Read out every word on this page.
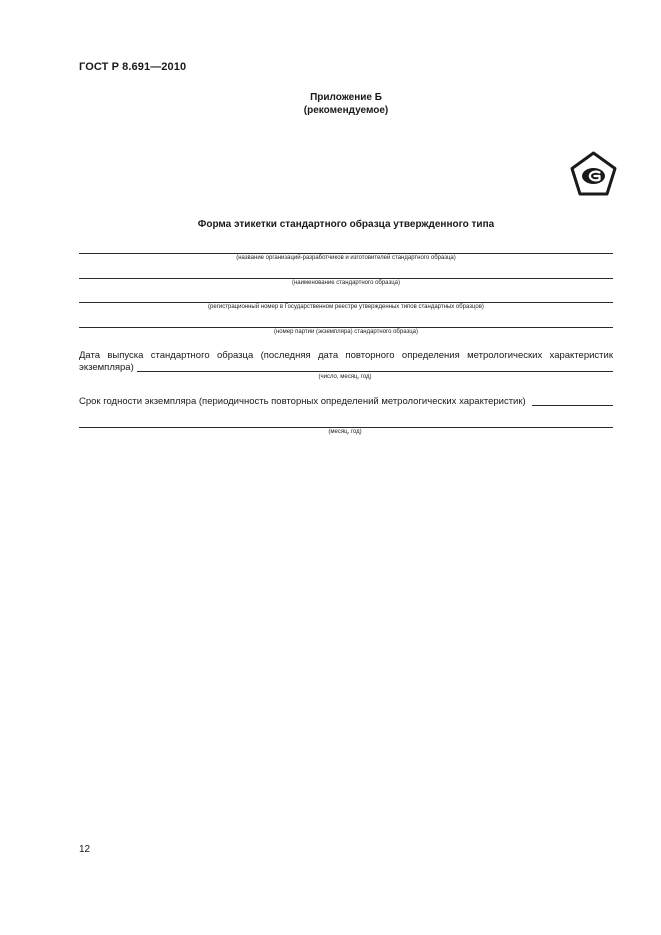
ГОСТ Р 8.691—2010
Приложение Б
(рекомендуемое)
Форма этикетки стандартного образца утвержденного типа
(название организаций-разработчиков и изготовителей стандартного образца)
(наименование стандартного образца)
(регистрационный номер в Государственном реестре утвержденных типов стандартных образцов)
(номер партии (экземпляра) стандартного образца)
Дата выпуска стандартного образца (последняя дата повторного определения метрологических характеристик
экземпляра)
(число, месяц, год)
Срок годности экземпляра (периодичность повторных определений метрологических характеристик)
(месяц, год)
12
